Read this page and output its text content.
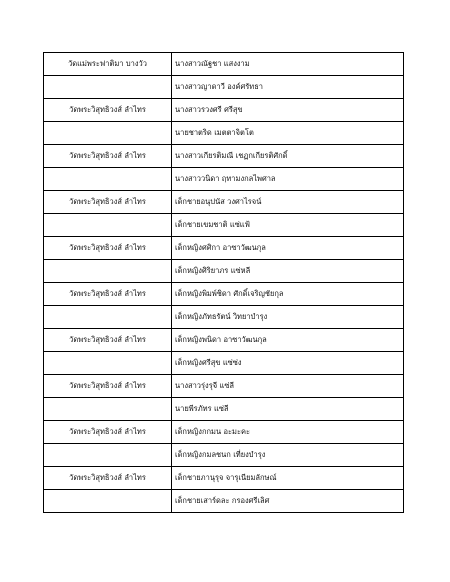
วัดแม่พระฟาติมา บางวัว	นางสาวณัฐชา แสงงาม
	นางสาวญาดาวี องค์ศรัทธา
วัดพระวิสุทธิวงส์ ลำไทร	นางสาวรวงศรี ศรีสุข
	นายชาตริด เมตตาจิตโต
วัดพระวิสุทธิวงส์ ลำไทร	นางสาวเกียรติมณี เชฏกเกียรติศักดิ์
	นางสาววนิดา ฤทามงกลไพศาล
วัดพระวิสุทธิวงส์ ลำไทร	เด็กชายอนุปนัส วงศาไรจน์
	เด็กชายเขมชาติ แซ่แฟ้
วัดพระวิสุทธิวงส์ ลำไทร	เด็กหญิงศศิกา อาซาวัฒนกุล
	เด็กหญิงศิริยาภร แซ่หลี
วัดพระวิสุทธิวงส์ ลำไทร	เด็กหญิงพิมพ์ชิดา ศักดิ์เจริญชัยกุล
	เด็กหญิงภัทธรัตน์ วิทยาบำรุง
วัดพระวิสุทธิวงส์ ลำไทร	เด็กหญิงพนิดา อาซาวัฒนกุล
	เด็กหญิงศรีสุข แซ่ซ่ง
วัดพระวิสุทธิวงส์ ลำไทร	นางสาวรุ่งรุจี แซ่ลี
	นายพีรภัทร แซ่ลี
วัดพระวิสุทธิวงส์ ลำไทร	เด็กหญิงกกมน อะมะคะ
	เด็กหญิงกมลชนก เที่ยงบำรุง
วัดพระวิสุทธิวงส์ ลำไทร	เด็กชายภานุรุจ จารุเนียมลักษณ์
	เด็กชายเสาร์ดละ กรองศรีเลิศ
